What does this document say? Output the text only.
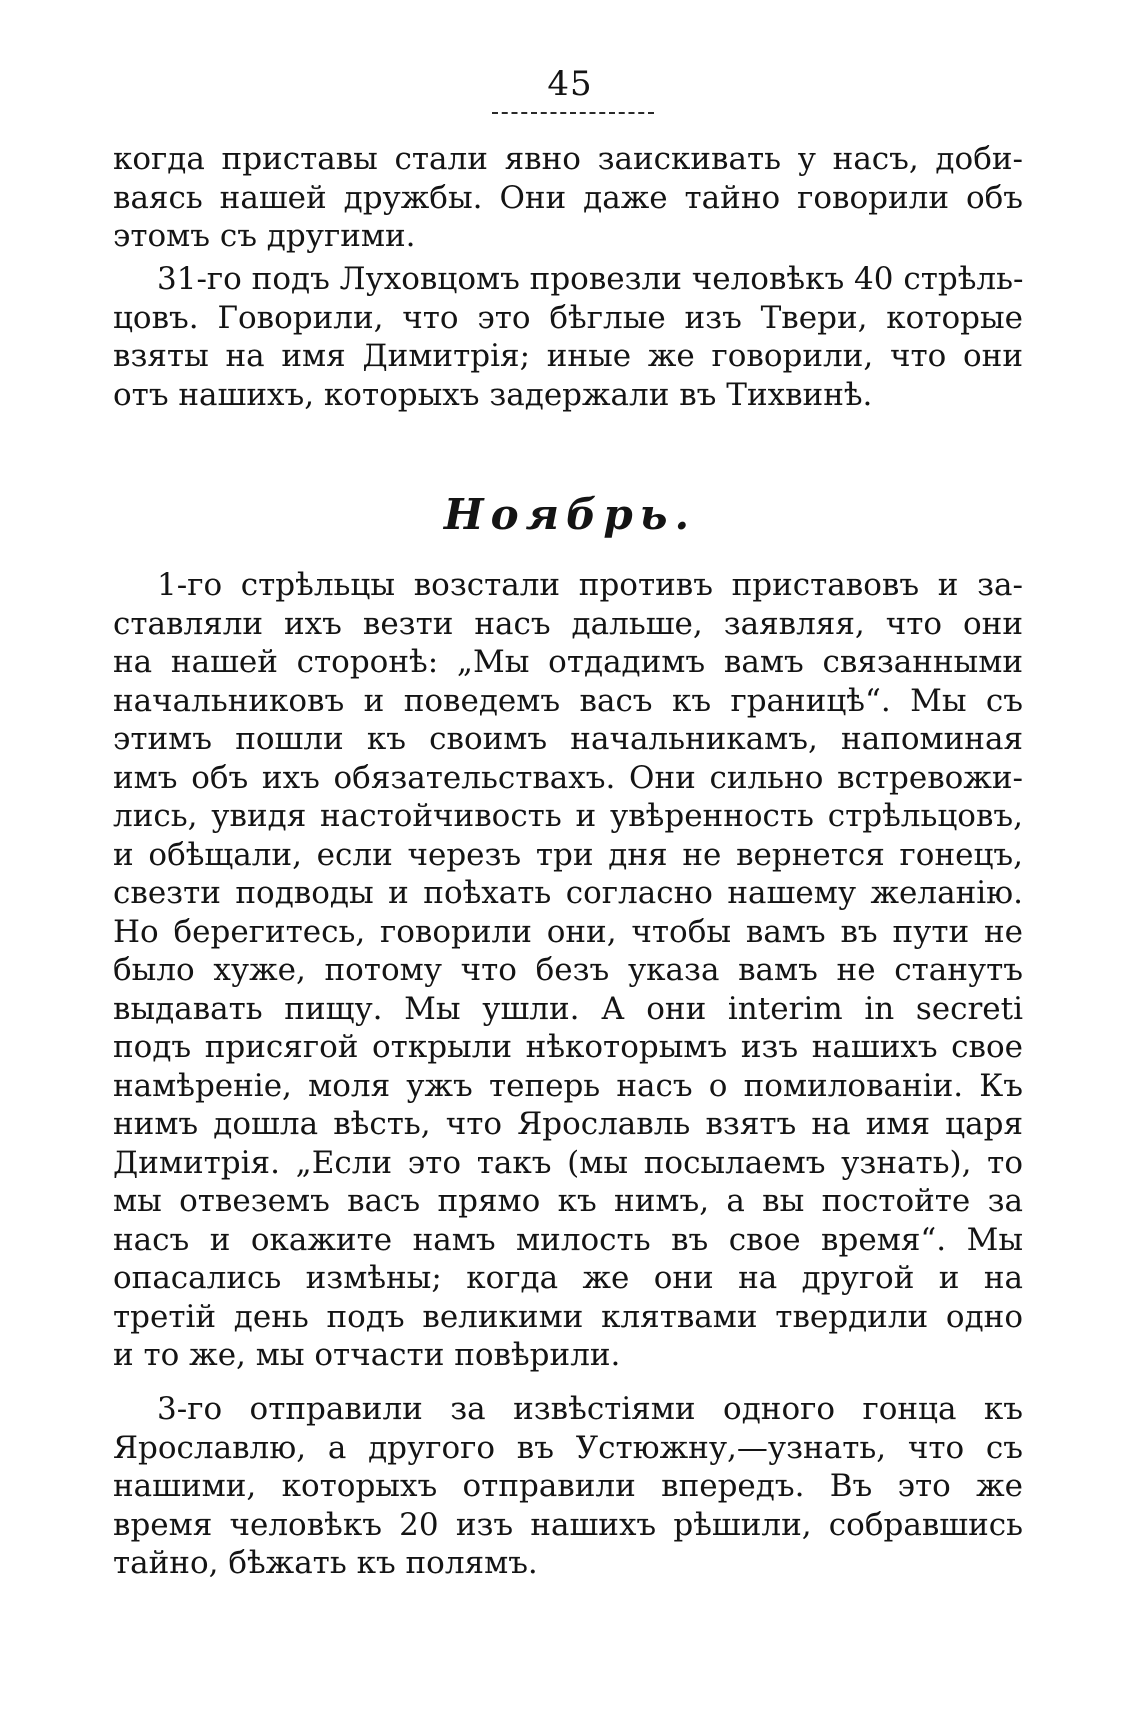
45
когда приставы стали явно заискивать у насъ, доби-
ваясь нашей дружбы. Они даже тайно говорили объ
этомъ съ другими.
31-го подъ Луховцомъ провезли человѣкъ 40 стрѣль-
цовъ. Говорили, что это бѣглые изъ Твери, которые
взяты на имя Димитрія; иные же говорили, что они
отъ нашихъ, которыхъ задержали въ Тихвинѣ.
Ноябрь.
1-го стрѣльцы возстали противъ приставовъ и за-
ставляли ихъ везти насъ дальше, заявляя, что они
на нашей сторонѣ: „Мы отдадимъ вамъ связанными
начальниковъ и поведемъ васъ къ границѣ“. Мы съ
этимъ пошли къ своимъ начальникамъ, напоминая
имъ объ ихъ обязательствахъ. Они сильно встревожи-
лись, увидя настойчивость и увѣренность стрѣльцовъ,
и обѣщали, если черезъ три дня не вернется гонецъ,
свезти подводы и поѣхать согласно нашему желанію.
Но берегитесь, говорили они, чтобы вамъ въ пути не
было хуже, потому что безъ указа вамъ не станутъ
выдавать пищу. Мы ушли. А они interim in secreti
подъ присягой открыли нѣкоторымъ изъ нашихъ свое
намѣреніе, моля ужъ теперь насъ о помилованіи. Къ
нимъ дошла вѣсть, что Ярославль взятъ на имя царя
Димитрія. „Если это такъ (мы посылаемъ узнать), то
мы отвеземъ васъ прямо къ нимъ, а вы постойте за
насъ и окажите намъ милость въ свое время“. Мы
опасались измѣны; когда же они на другой и на
третій день подъ великими клятвами твердили одно
и то же, мы отчасти повѣрили.
3-го отправили за извѣстіями одного гонца къ
Ярославлю, а другого въ Устюжну,—узнать, что съ
нашими, которыхъ отправили впередъ. Въ это же
время человѣкъ 20 изъ нашихъ рѣшили, собравшись
тайно, бѣжать къ полямъ.
